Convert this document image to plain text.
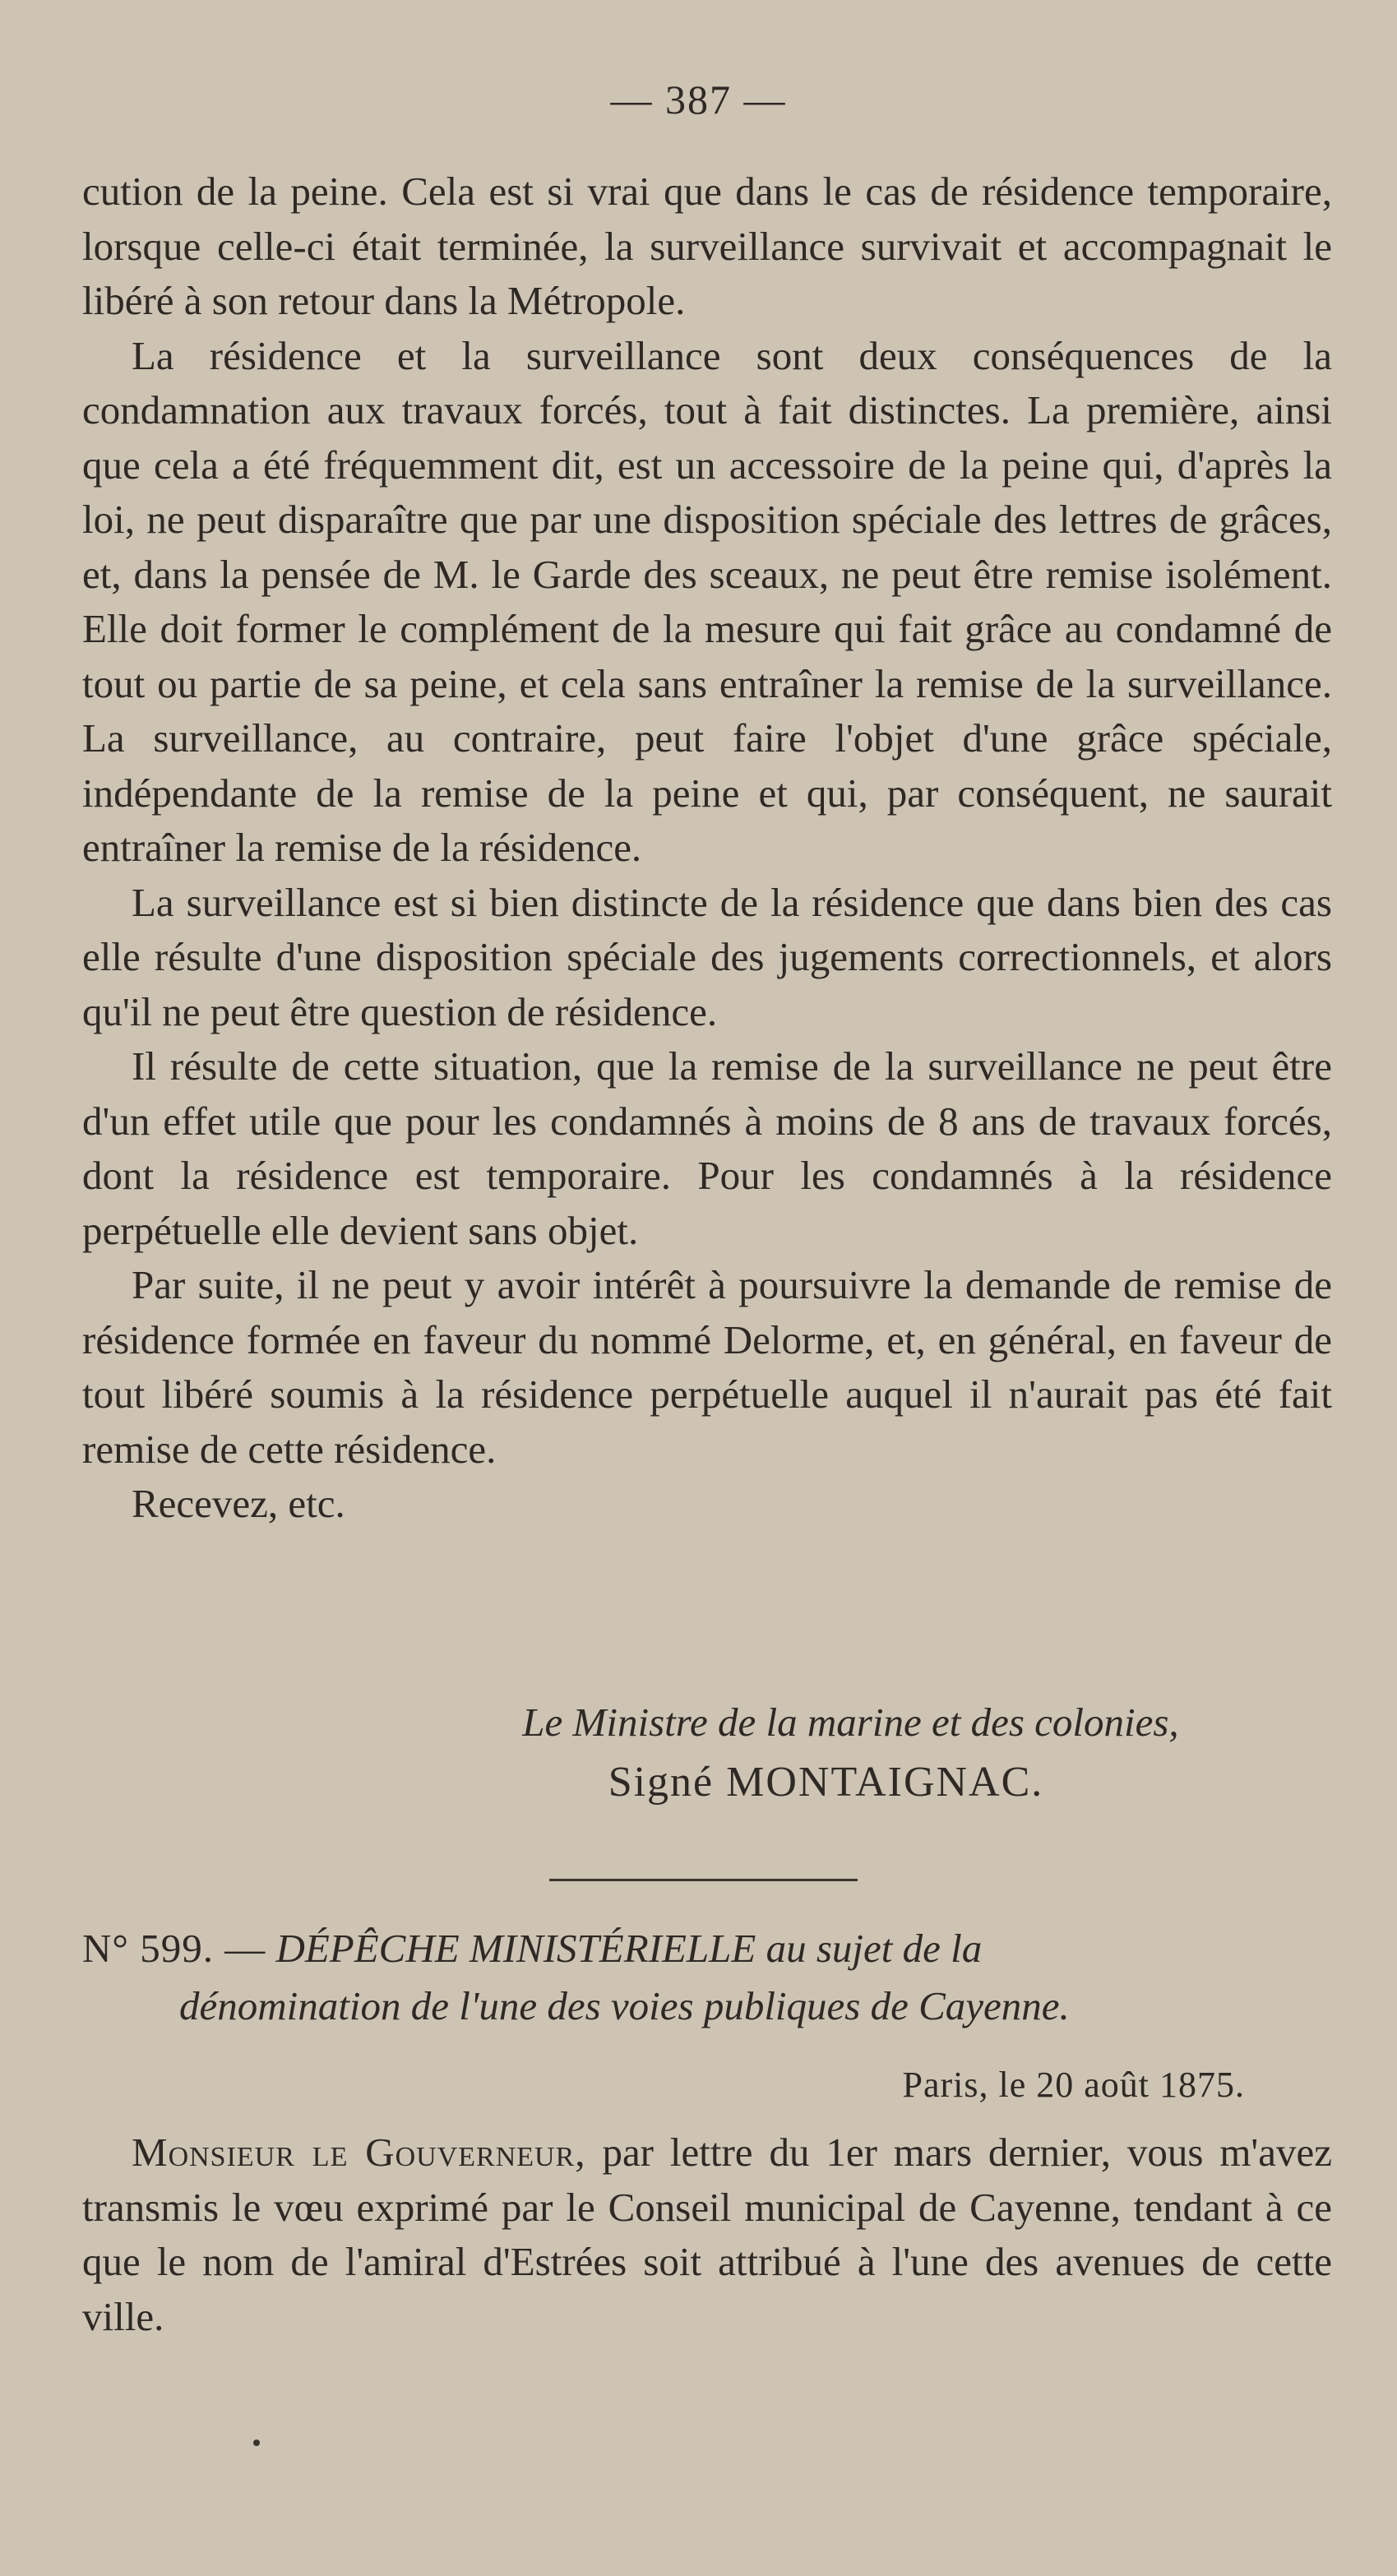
— 387 —

cution de la peine. Cela est si vrai que dans le cas de résidence temporaire, lorsque celle-ci était terminée, la surveillance survivait et accompagnait le libéré à son retour dans la Métropole.

La résidence et la surveillance sont deux conséquences de la condamnation aux travaux forcés, tout à fait distinctes. La première, ainsi que cela a été fréquemment dit, est un accessoire de la peine qui, d'après la loi, ne peut disparaître que par une disposition spéciale des lettres de grâces, et, dans la pensée de M. le Garde des sceaux, ne peut être remise isolément. Elle doit former le complément de la mesure qui fait grâce au condamné de tout ou partie de sa peine, et cela sans entraîner la remise de la surveillance. La surveillance, au contraire, peut faire l'objet d'une grâce spéciale, indépendante de la remise de la peine et qui, par conséquent, ne saurait entraîner la remise de la résidence.

La surveillance est si bien distincte de la résidence que dans bien des cas elle résulte d'une disposition spéciale des jugements correctionnels, et alors qu'il ne peut être question de résidence.

Il résulte de cette situation, que la remise de la surveillance ne peut être d'un effet utile que pour les condamnés à moins de 8 ans de travaux forcés, dont la résidence est temporaire. Pour les condamnés à la résidence perpétuelle elle devient sans objet.

Par suite, il ne peut y avoir intérêt à poursuivre la demande de remise de résidence formée en faveur du nommé Delorme, et, en général, en faveur de tout libéré soumis à la résidence perpétuelle auquel il n'aurait pas été fait remise de cette résidence.

Recevez, etc.

Le Ministre de la marine et des colonies,
Signé MONTAIGNAC.
N° 599. — DÉPÊCHE MINISTÉRIELLE au sujet de la
dénomination de l'une des voies publiques de Cayenne.
Paris, le 20 août 1875.

Monsieur le Gouverneur, par lettre du 1er mars dernier, vous m'avez transmis le vœu exprimé par le Conseil municipal de Cayenne, tendant à ce que le nom de l'amiral d'Estrées soit attribué à l'une des avenues de cette ville.
